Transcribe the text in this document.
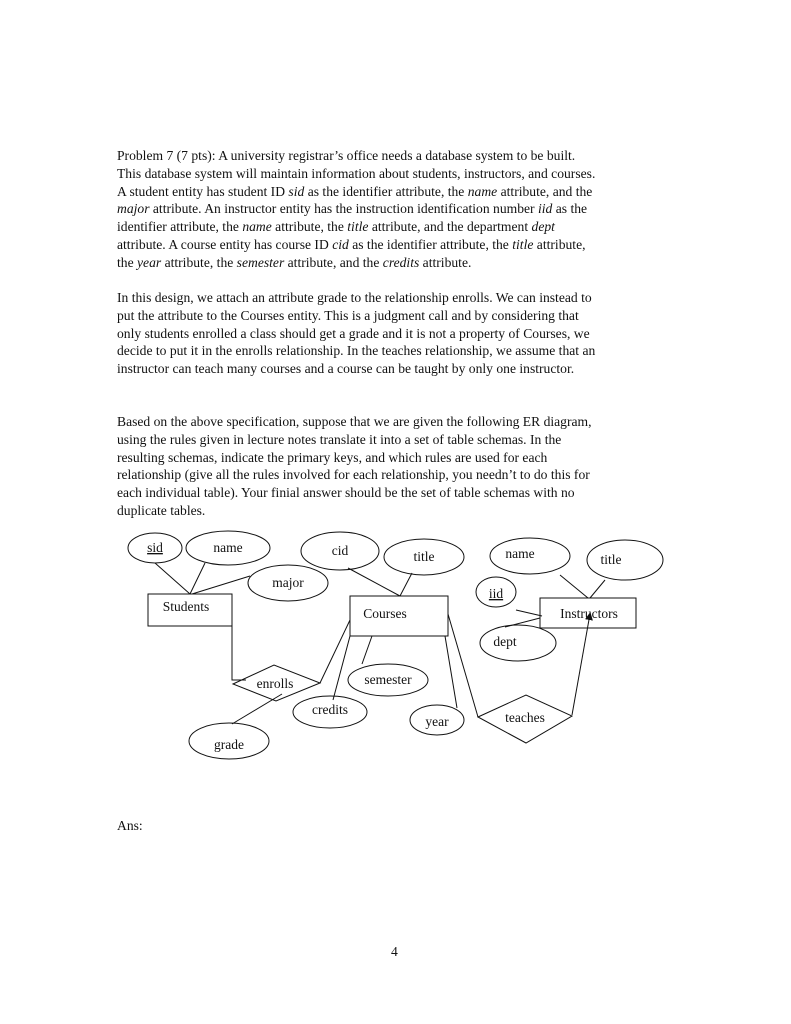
Problem 7 (7 pts): A university registrar’s office needs a database system to be built.
This database system will maintain information about students, instructors, and courses.
A student entity has student ID sid as the identifier attribute, the name attribute, and the
major attribute. An instructor entity has the instruction identification number iid as the
identifier attribute, the name attribute, the title attribute, and the department dept
attribute. A course entity has course ID cid as the identifier attribute, the title attribute,
the year attribute, the semester attribute, and the credits attribute.
In this design, we attach an attribute grade to the relationship enrolls. We can instead to
put the attribute to the Courses entity. This is a judgment call and by considering that
only students enrolled a class should get a grade and it is not a property of Courses, we
decide to put it in the enrolls relationship. In the teaches relationship, we assume that an
instructor can teach many courses and a course can be taught by only one instructor.
Based on the above specification, suppose that we are given the following ER diagram,
using the rules given in lecture notes translate it into a set of table schemas. In the
resulting schemas, indicate the primary keys, and which rules are used for each
relationship (give all the rules involved for each relationship, you needn’t to do this for
each individual table). Your finial answer should be the set of table schemas with no
duplicate tables.
sid	name
major
cid	title
semester
credits
year
name	title
iid
dept
grade
Students	Courses	Instructors
enrolls
teaches
Ans:
4
